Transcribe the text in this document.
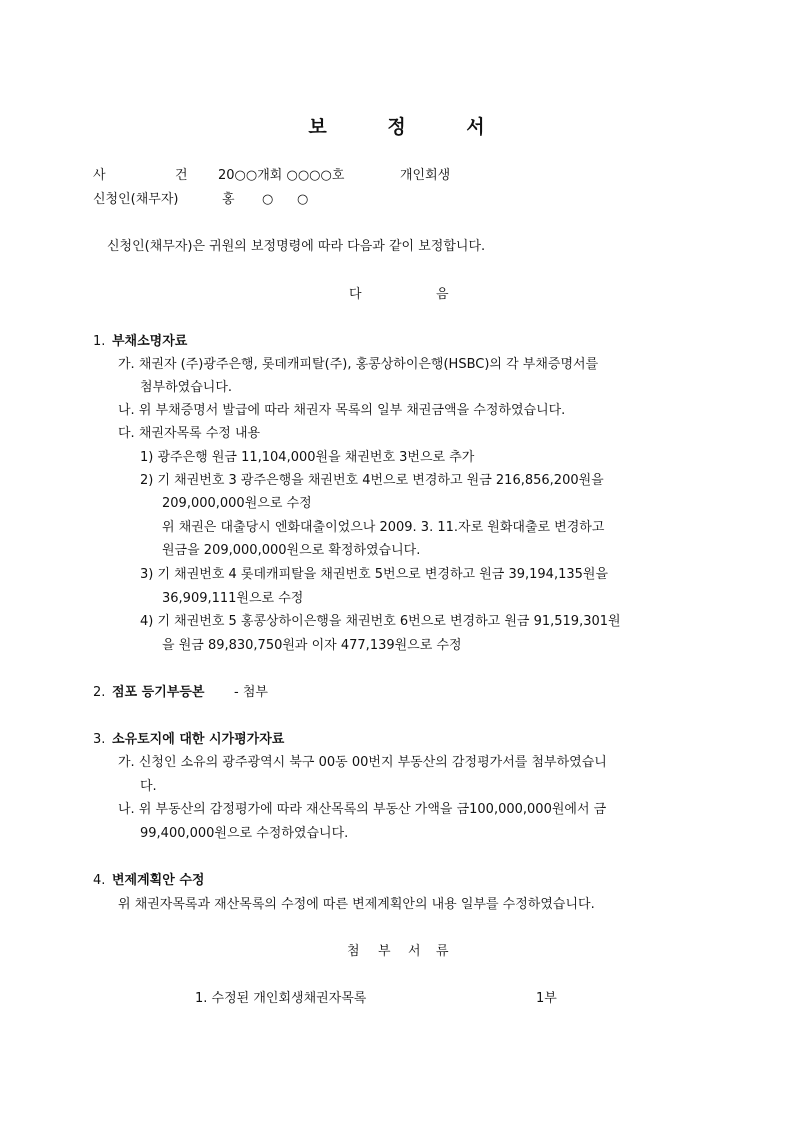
보	정	서
사	건 20○○개회 ○○○○호	개인회생
신청인(채무자)	홍 ○ ○
신청인(채무자)은 귀원의 보정명령에 따라 다음과 같이 보정합니다.
다	음
1. 부채소명자료
가. 채권자 (주)광주은행, 롯데캐피탈(주), 홍콩상하이은행(HSBC)의 각 부채증명서를
첨부하였습니다.
나. 위 부채증명서 발급에 따라 채권자 목록의 일부 채권금액을 수정하였습니다.
다. 채권자목록 수정 내용
1) 광주은행 원금 11,104,000원을 채권번호 3번으로 추가
2) 기 채권번호 3 광주은행을 채권번호 4번으로 변경하고 원금 216,856,200원을
209,000,000원으로 수정
위 채권은 대출당시 엔화대출이었으나 2009. 3. 11.자로 원화대출로 변경하고
원금을 209,000,000원으로 확정하였습니다.
3) 기 채권번호 4 롯데캐피탈을 채권번호 5번으로 변경하고 원금 39,194,135원을
36,909,111원으로 수정
4) 기 채권번호 5 홍콩상하이은행을 채권번호 6번으로 변경하고 원금 91,519,301원
을 원금 89,830,750원과 이자 477,139원으로 수정
2. 점포 등기부등본 - 첨부
3. 소유토지에 대한 시가평가자료
가. 신청인 소유의 광주광역시 북구 00동 00번지 부동산의 감정평가서를 첨부하였습니
다.
나. 위 부동산의 감정평가에 따라 재산목록의 부동산 가액을 금100,000,000원에서 금
99,400,000원으로 수정하였습니다.
4. 변제계획안 수정
위 채권자목록과 재산목록의 수정에 따른 변제계획안의 내용 일부를 수정하였습니다.
첨 부 서 류
1. 수정된 개인회생채권자목록	1부
